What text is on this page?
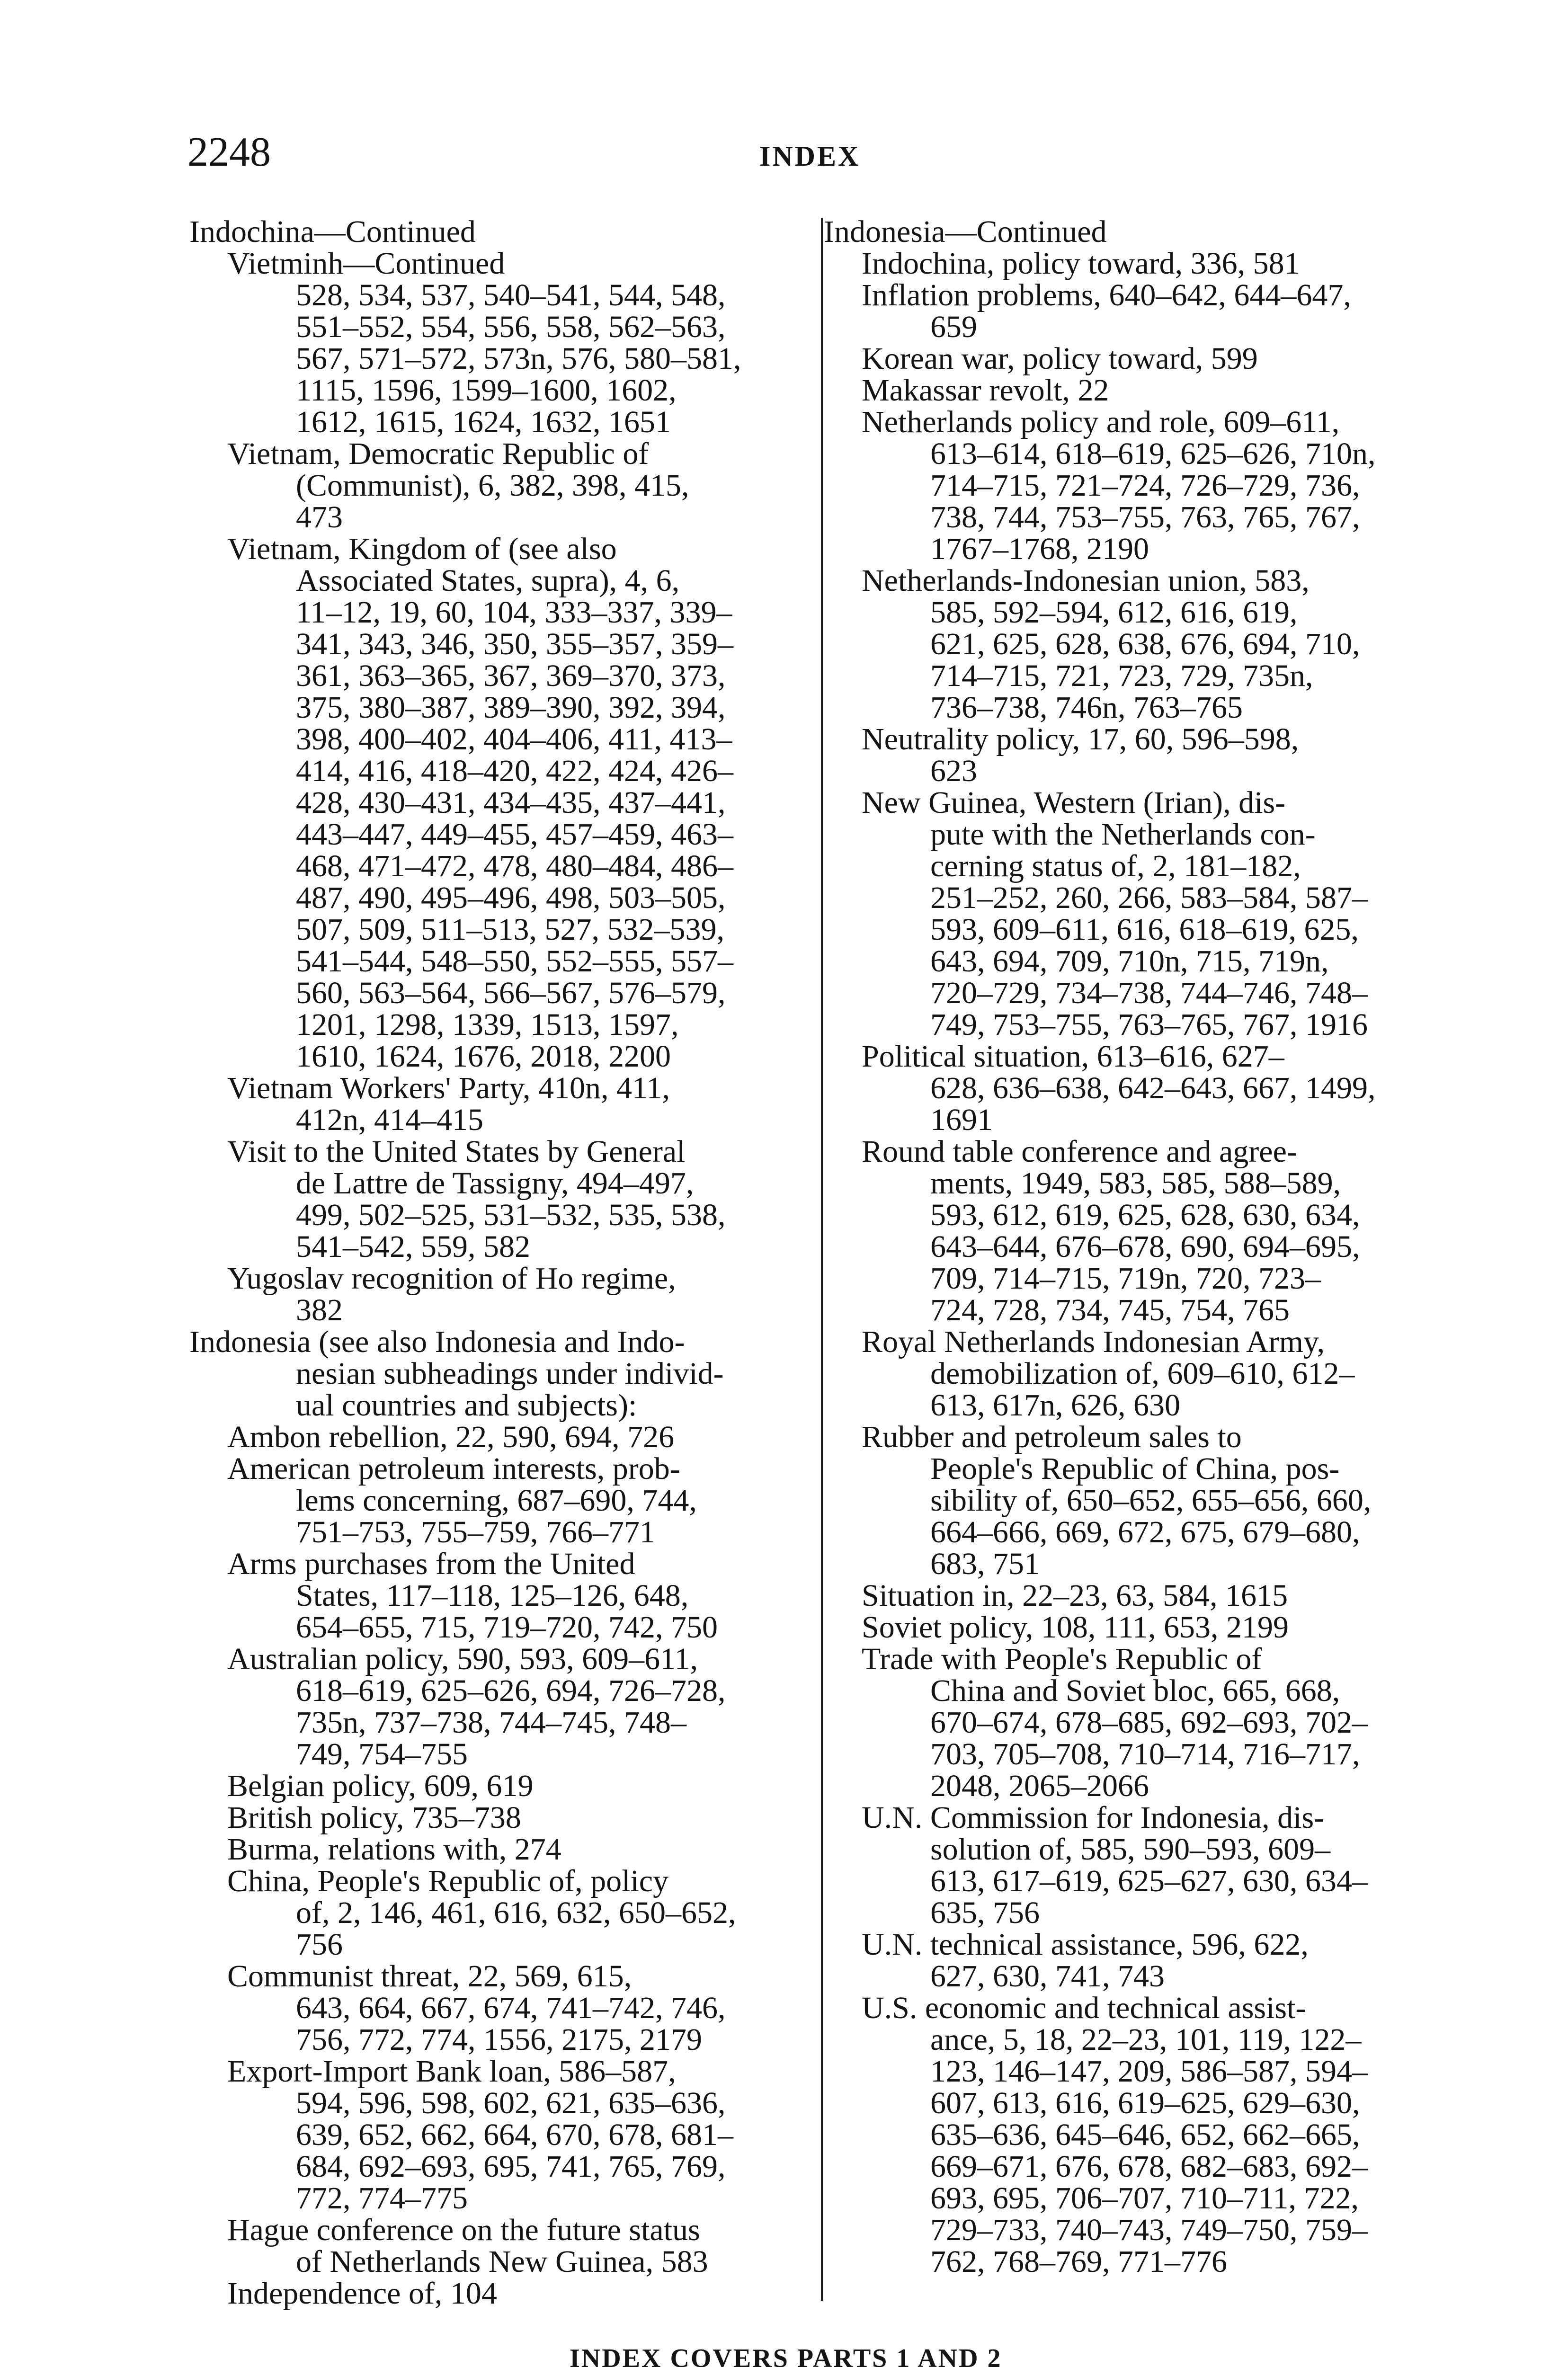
2248	INDEX
Indochina—Continued
Vietminh—Continued
528, 534, 537, 540–541, 544, 548,
551–552, 554, 556, 558, 562–563,
567, 571–572, 573n, 576, 580–581,
1115, 1596, 1599–1600, 1602,
1612, 1615, 1624, 1632, 1651
Vietnam, Democratic Republic of
(Communist), 6, 382, 398, 415,
473
Vietnam, Kingdom of (see also
Associated States, supra), 4, 6,
11–12, 19, 60, 104, 333–337, 339–
341, 343, 346, 350, 355–357, 359–
361, 363–365, 367, 369–370, 373,
375, 380–387, 389–390, 392, 394,
398, 400–402, 404–406, 411, 413–
414, 416, 418–420, 422, 424, 426–
428, 430–431, 434–435, 437–441,
443–447, 449–455, 457–459, 463–
468, 471–472, 478, 480–484, 486–
487, 490, 495–496, 498, 503–505,
507, 509, 511–513, 527, 532–539,
541–544, 548–550, 552–555, 557–
560, 563–564, 566–567, 576–579,
1201, 1298, 1339, 1513, 1597,
1610, 1624, 1676, 2018, 2200
Vietnam Workers' Party, 410n, 411,
412n, 414–415
Visit to the United States by General
de Lattre de Tassigny, 494–497,
499, 502–525, 531–532, 535, 538,
541–542, 559, 582
Yugoslav recognition of Ho regime,
382
Indonesia (see also Indonesia and Indo-
nesian subheadings under individ-
ual countries and subjects):
Ambon rebellion, 22, 590, 694, 726
American petroleum interests, prob-
lems concerning, 687–690, 744,
751–753, 755–759, 766–771
Arms purchases from the United
States, 117–118, 125–126, 648,
654–655, 715, 719–720, 742, 750
Australian policy, 590, 593, 609–611,
618–619, 625–626, 694, 726–728,
735n, 737–738, 744–745, 748–
749, 754–755
Belgian policy, 609, 619
British policy, 735–738
Burma, relations with, 274
China, People's Republic of, policy
of, 2, 146, 461, 616, 632, 650–652,
756
Communist threat, 22, 569, 615,
643, 664, 667, 674, 741–742, 746,
756, 772, 774, 1556, 2175, 2179
Export-Import Bank loan, 586–587,
594, 596, 598, 602, 621, 635–636,
639, 652, 662, 664, 670, 678, 681–
684, 692–693, 695, 741, 765, 769,
772, 774–775
Hague conference on the future status
of Netherlands New Guinea, 583
Independence of, 104
Indonesia—Continued
Indochina, policy toward, 336, 581
Inflation problems, 640–642, 644–647,
659
Korean war, policy toward, 599
Makassar revolt, 22
Netherlands policy and role, 609–611,
613–614, 618–619, 625–626, 710n,
714–715, 721–724, 726–729, 736,
738, 744, 753–755, 763, 765, 767,
1767–1768, 2190
Netherlands-Indonesian union, 583,
585, 592–594, 612, 616, 619,
621, 625, 628, 638, 676, 694, 710,
714–715, 721, 723, 729, 735n,
736–738, 746n, 763–765
Neutrality policy, 17, 60, 596–598,
623
New Guinea, Western (Irian), dis-
pute with the Netherlands con-
cerning status of, 2, 181–182,
251–252, 260, 266, 583–584, 587–
593, 609–611, 616, 618–619, 625,
643, 694, 709, 710n, 715, 719n,
720–729, 734–738, 744–746, 748–
749, 753–755, 763–765, 767, 1916
Political situation, 613–616, 627–
628, 636–638, 642–643, 667, 1499,
1691
Round table conference and agree-
ments, 1949, 583, 585, 588–589,
593, 612, 619, 625, 628, 630, 634,
643–644, 676–678, 690, 694–695,
709, 714–715, 719n, 720, 723–
724, 728, 734, 745, 754, 765
Royal Netherlands Indonesian Army,
demobilization of, 609–610, 612–
613, 617n, 626, 630
Rubber and petroleum sales to
People's Republic of China, pos-
sibility of, 650–652, 655–656, 660,
664–666, 669, 672, 675, 679–680,
683, 751
Situation in, 22–23, 63, 584, 1615
Soviet policy, 108, 111, 653, 2199
Trade with People's Republic of
China and Soviet bloc, 665, 668,
670–674, 678–685, 692–693, 702–
703, 705–708, 710–714, 716–717,
2048, 2065–2066
U.N. Commission for Indonesia, dis-
solution of, 585, 590–593, 609–
613, 617–619, 625–627, 630, 634–
635, 756
U.N. technical assistance, 596, 622,
627, 630, 741, 743
U.S. economic and technical assist-
ance, 5, 18, 22–23, 101, 119, 122–
123, 146–147, 209, 586–587, 594–
607, 613, 616, 619–625, 629–630,
635–636, 645–646, 652, 662–665,
669–671, 676, 678, 682–683, 692–
693, 695, 706–707, 710–711, 722,
729–733, 740–743, 749–750, 759–
762, 768–769, 771–776
INDEX COVERS PARTS 1 AND 2
